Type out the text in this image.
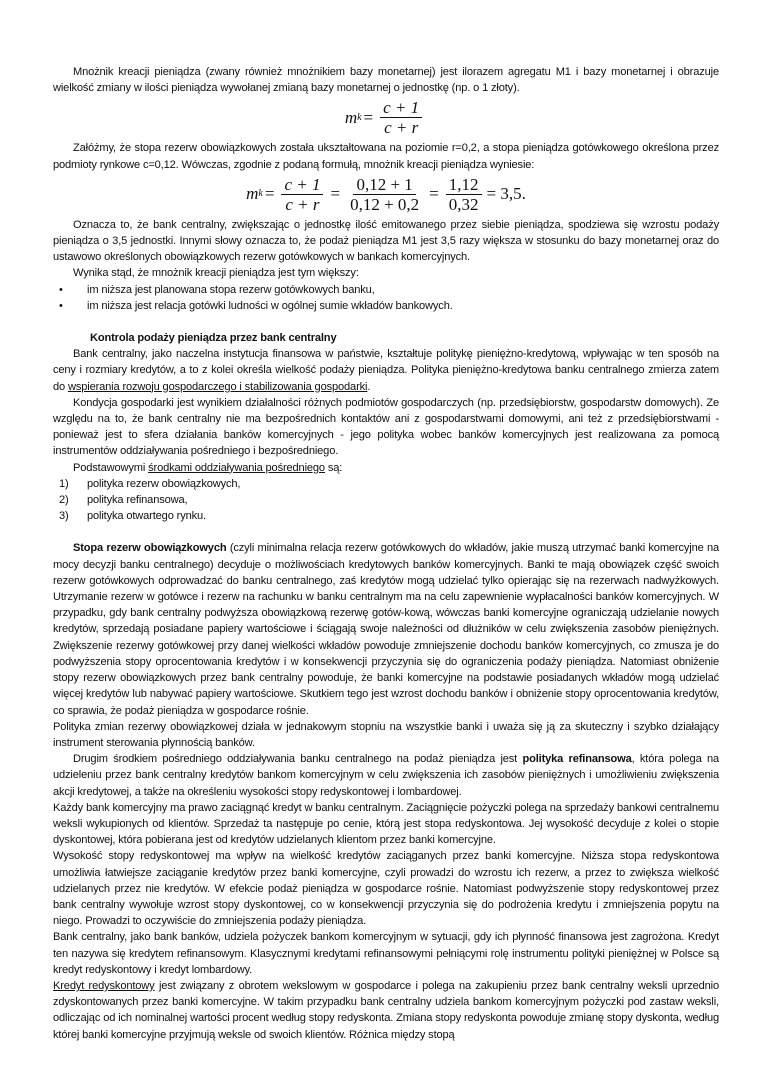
Mnożnik kreacji pieniądza (zwany również mnożnikiem bazy monetarnej) jest ilorazem agregatu M1 i bazy monetarnej i obrazuje wielkość zmiany w ilości pieniądza wywołanej zmianą bazy monetarnej o jednostkę (np. o 1 złoty).

m $k = \frac{c + 1}{c + r}$

Załóżmy, że stopa rezerw obowiązkowych została ukształtowana na poziomie r=0,2, a stopa pieniądza gotówkowego określona przez podmioty rynkowe c=0,12. Wówczas, zgodnie z podaną formułą, mnożnik kreacji pieniądza wyniesie:

m $k = \frac{c + 1}{c + r} = \frac{0,12 + 1}{0,12 + 0,2} = \frac{1,12}{0,32} = 3,5$.

Oznacza to, że bank centralny, zwiększając o jednostkę ilość emitowanego przez siebie pieniądza, spodziewa się wzrostu podaży pieniądza o 3,5 jednostki. Innymi słowy oznacza to, że podaż pieniądza M1 jest 3,5 razy większa w stosunku do bazy monetarnej oraz do ustawowo określonych obowiązkowych rezerw gotówkowych w bankach komercyjnych.

Wynika stąd, że mnożnik kreacji pieniądza jest tym większy:

•	im niższa jest planowana stopa rezerw gotówkowych banku,
•	im niższa jest relacja gotówki ludności w ogólnej sumie wkładów bankowych.

Kontrola podaży pieniądza przez bank centralny

Bank centralny, jako naczelna instytucja finansowa w państwie, kształtuje politykę pieniężno-kredytową, wpływając w ten sposób na ceny i rozmiary kredytów, a to z kolei określa wielkość podaży pieniądza. Polityka pieniężno-kredytowa banku centralnego zmierza zatem do wspierania rozwoju gospodarczego i stabilizowania gospodarki.

Kondycja gospodarki jest wynikiem działalności różnych podmiotów gospodarczych (np. przedsiębiorstw, gospodarstw domowych). Ze względu na to, że bank centralny nie ma bezpośrednich kontaktów ani z gospodarstwami domowymi, ani też z przedsiębiorstwami - ponieważ jest to sfera działania banków komercyjnych - jego polityka wobec banków komercyjnych jest realizowana za pomocą instrumentów oddziaływania pośredniego i bezpośredniego.

Podstawowymi środkami oddziaływania pośredniego są:

1)	polityka rezerw obowiązkowych,
2)	polityka refinansowa,
3)	polityka otwartego rynku.

Stopa rezerw obowiązkowych (czyli minimalna relacja rezerw gotówkowych do wkładów, jakie muszą utrzymać banki komercyjne na mocy decyzji banku centralnego) decyduje o możliwościach kredytowych banków komercyjnych. Banki te mają obowiązek część swoich rezerw gotówkowych odprowadzać do banku centralnego, zaś kredytów mogą udzielać tylko opierając się na rezerwach nadwyżkowych. Utrzymanie rezerw w gotówce i rezerw na rachunku w banku centralnym ma na celu zapewnienie wypłacalności banków komercyjnych. W przypadku, gdy bank centralny podwyższa obowiązkową rezerwę gotów-kową, wówczas banki komercyjne ograniczają udzielanie nowych kredytów, sprzedają posiadane papiery wartościowe i ściągają swoje należności od dłużników w celu zwiększenia zasobów pieniężnych. Zwiększenie rezerwy gotówkowej przy danej wielkości wkładów powoduje zmniejszenie dochodu banków komercyjnych, co zmusza je do podwyższenia stopy oprocentowania kredytów i w konsekwencji przyczynia się do ograniczenia podaży pieniądza. Natomiast obniżenie stopy rezerw obowiązkowych przez bank centralny powoduje, że banki komercyjne na podstawie posiadanych wkładów mogą udzielać więcej kredytów lub nabywać papiery wartościowe. Skutkiem tego jest wzrost dochodu banków i obniżenie stopy oprocentowania kredytów, co sprawia, że podaż pieniądza w gospodarce rośnie.

Polityka zmian rezerwy obowiązkowej działa w jednakowym stopniu na wszystkie banki i uważa się ją za skuteczny i szybko działający instrument sterowania płynnością banków.

Drugim środkiem pośredniego oddziaływania banku centralnego na podaż pieniądza jest polityka refinansowa, która polega na udzieleniu przez bank centralny kredytów bankom komercyjnym w celu zwiększenia ich zasobów pieniężnych i umożliwieniu zwiększenia akcji kredytowej, a także na określeniu wysokości stopy redyskontowej i lombardowej.

Każdy bank komercyjny ma prawo zaciągnąć kredyt w banku centralnym. Zaciągnięcie pożyczki polega na sprzedaży bankowi centralnemu weksli wykupionych od klientów. Sprzedaż ta następuje po cenie, którą jest stopa redyskontowa. Jej wysokość decyduje z kolei o stopie dyskontowej, która pobierana jest od kredytów udzielanych klientom przez banki komercyjne.

Wysokość stopy redyskontowej ma wpływ na wielkość kredytów zaciąganych przez banki komercyjne. Niższa stopa redyskontowa umożliwia łatwiejsze zaciąganie kredytów przez banki komercyjne, czyli prowadzi do wzrostu ich rezerw, a przez to zwiększa wielkość udzielanych przez nie kredytów. W efekcie podaż pieniądza w gospodarce rośnie. Natomiast podwyższenie stopy redyskontowej przez bank centralny wywołuje wzrost stopy dyskontowej, co w konsekwencji przyczynia się do podrożenia kredytu i zmniejszenia popytu na niego. Prowadzi to oczywiście do zmniejszenia podaży pieniądza.

Bank centralny, jako bank banków, udziela pożyczek bankom komercyjnym w sytuacji, gdy ich płynność finansowa jest zagrożona. Kredyt ten nazywa się kredytem refinansowym. Klasycznymi kredytami refinansowymi pełniącymi rolę instrumentu polityki pieniężnej w Polsce są kredyt redyskontowy i kredyt lombardowy.

Kredyt redyskontowy jest związany z obrotem wekslowym w gospodarce i polega na zakupieniu przez bank centralny weksli uprzednio zdyskontowanych przez banki komercyjne. W takim przypadku bank centralny udziela bankom komercyjnym pożyczki pod zastaw weksli, odliczając od ich nominalnej wartości procent według stopy redyskonta. Zmiana stopy redyskonta powoduje zmianę stopy dyskonta, według której banki komercyjne przyjmują weksle od swoich klientów. Różnica między stopą
